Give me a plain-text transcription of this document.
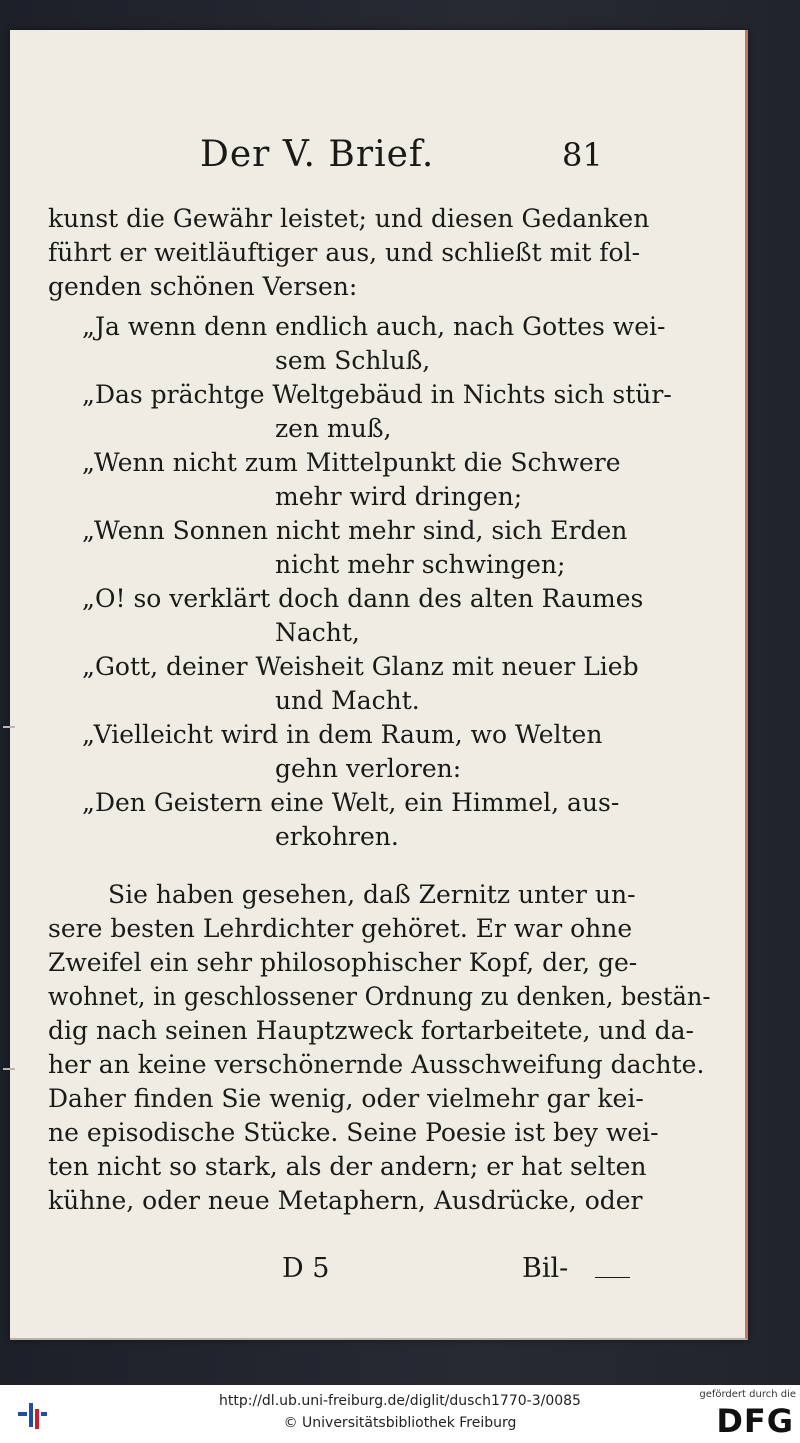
Der V. Brief.	81
kunst die Gewähr leistet; und diesen Gedanken
führt er weitläuftiger aus, und schließt mit fol-
genden schönen Versen:
„Ja wenn denn endlich auch, nach Gottes wei-
sem Schluß,
„Das prächtge Weltgebäud in Nichts sich stür-
zen muß,
„Wenn nicht zum Mittelpunkt die Schwere
mehr wird dringen;
„Wenn Sonnen nicht mehr sind, sich Erden
nicht mehr schwingen;
„O! so verklärt doch dann des alten Raumes
Nacht,
„Gott, deiner Weisheit Glanz mit neuer Lieb
und Macht.
„Vielleicht wird in dem Raum, wo Welten
gehn verloren:
„Den Geistern eine Welt, ein Himmel, aus-
erkohren.
Sie haben gesehen, daß Zernitz unter un-
sere besten Lehrdichter gehöret. Er war ohne
Zweifel ein sehr philosophischer Kopf, der, ge-
wohnet, in geschlossener Ordnung zu denken, bestän-
dig nach seinen Hauptzweck fortarbeitete, und da-
her an keine verschönernde Ausschweifung dachte.
Daher finden Sie wenig, oder vielmehr gar kei-
ne episodische Stücke. Seine Poesie ist bey wei-
ten nicht so stark, als der andern; er hat selten
kühne, oder neue Metaphern, Ausdrücke, oder
D 5	Bil-
http://dl.ub.uni-freiburg.de/diglit/dusch1770-3/0085
© Universitätsbibliothek Freiburg
gefördert durch die
DFG
